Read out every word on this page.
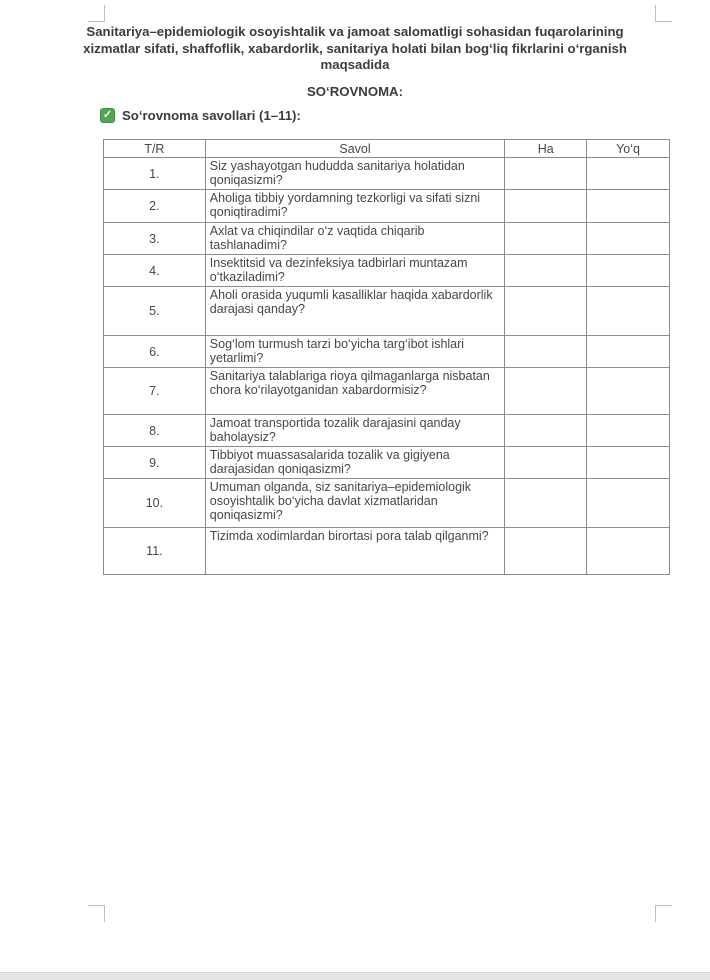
Sanitariya–epidemiologik osoyishtalik va jamoat salomatligi sohasidan fuqarolarining xizmatlar sifati, shaffoflik, xabardorlik, sanitariya holati bilan bog‘liq fikrlarini o‘rganish maqsadida
SO‘ROVNOMA:
✓ So‘rovnoma savollari (1–11):
T/R	Savol	Ha	Yo‘q
1.	Siz yashayotgan hududda sanitariya holatidan qoniqasizmi?		
2.	Aholiga tibbiy yordamning tezkorligi va sifati sizni qoniqtiradimi?		
3.	Axlat va chiqindilar o‘z vaqtida chiqarib tashlanadimi?		
4.	Insektitsid va dezinfeksiya tadbirlari muntazam o‘tkaziladimi?		
5.	Aholi orasida yuqumli kasalliklar haqida xabardorlik darajasi qanday?		
6.	Sog‘lom turmush tarzi bo‘yicha targ‘ibot ishlari yetarlimi?		
7.	Sanitariya talablariga rioya qilmaganlarga nisbatan chora ko‘rilayotganidan xabardormisiz?		
8.	Jamoat transportida tozalik darajasini qanday baholaysiz?		
9.	Tibbiyot muassasalarida tozalik va gigiyena darajasidan qoniqasizmi?		
10.	Umuman olganda, siz sanitariya–epidemiologik osoyishtalik bo‘yicha davlat xizmatlaridan qoniqasizmi?		
11.	Tizimda xodimlardan birortasi pora talab qilganmi?		
